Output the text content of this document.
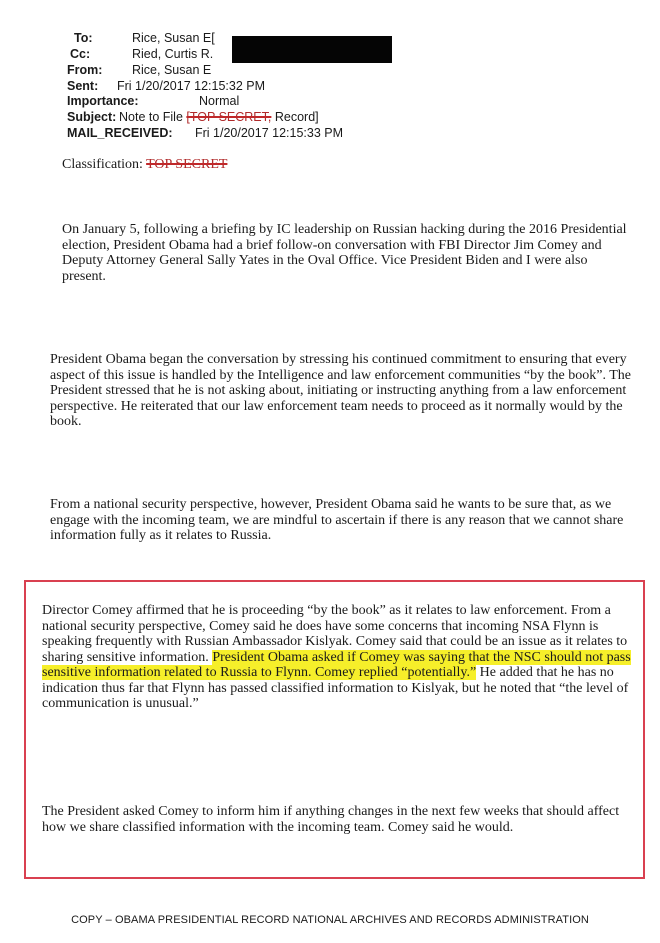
To:	Rice, Susan E[
Cc:	Ried, Curtis R.
From: Rice, Susan E
Sent: Fri 1/20/2017 12:15:32 PM
Importance:	Normal
Subject: Note to File [TOP SECRET, Record]
MAIL_RECEIVED: Fri 1/20/2017 12:15:33 PM
Classification: TOP SECRET

On January 5, following a briefing by IC leadership on Russian hacking during the 2016 Presidential election, President Obama had a brief follow-on conversation with FBI Director Jim Comey and Deputy Attorney General Sally Yates in the Oval Office. Vice President Biden and I were also present.

President Obama began the conversation by stressing his continued commitment to ensuring that every aspect of this issue is handled by the Intelligence and law enforcement communities “by the book”. The President stressed that he is not asking about, initiating or instructing anything from a law enforcement perspective. He reiterated that our law enforcement team needs to proceed as it normally would by the book.

From a national security perspective, however, President Obama said he wants to be sure that, as we engage with the incoming team, we are mindful to ascertain if there is any reason that we cannot share information fully as it relates to Russia.

Director Comey affirmed that he is proceeding “by the book” as it relates to law enforcement. From a national security perspective, Comey said he does have some concerns that incoming NSA Flynn is speaking frequently with Russian Ambassador Kislyak. Comey said that could be an issue as it relates to sharing sensitive information. President Obama asked if Comey was saying that the NSC should not pass sensitive information related to Russia to Flynn. Comey replied “potentially.” He added that he has no indication thus far that Flynn has passed classified information to Kislyak, but he noted that “the level of communication is unusual.”

The President asked Comey to inform him if anything changes in the next few weeks that should affect how we share classified information with the incoming team. Comey said he would.

COPY – OBAMA PRESIDENTIAL RECORD NATIONAL ARCHIVES AND RECORDS ADMINISTRATION
